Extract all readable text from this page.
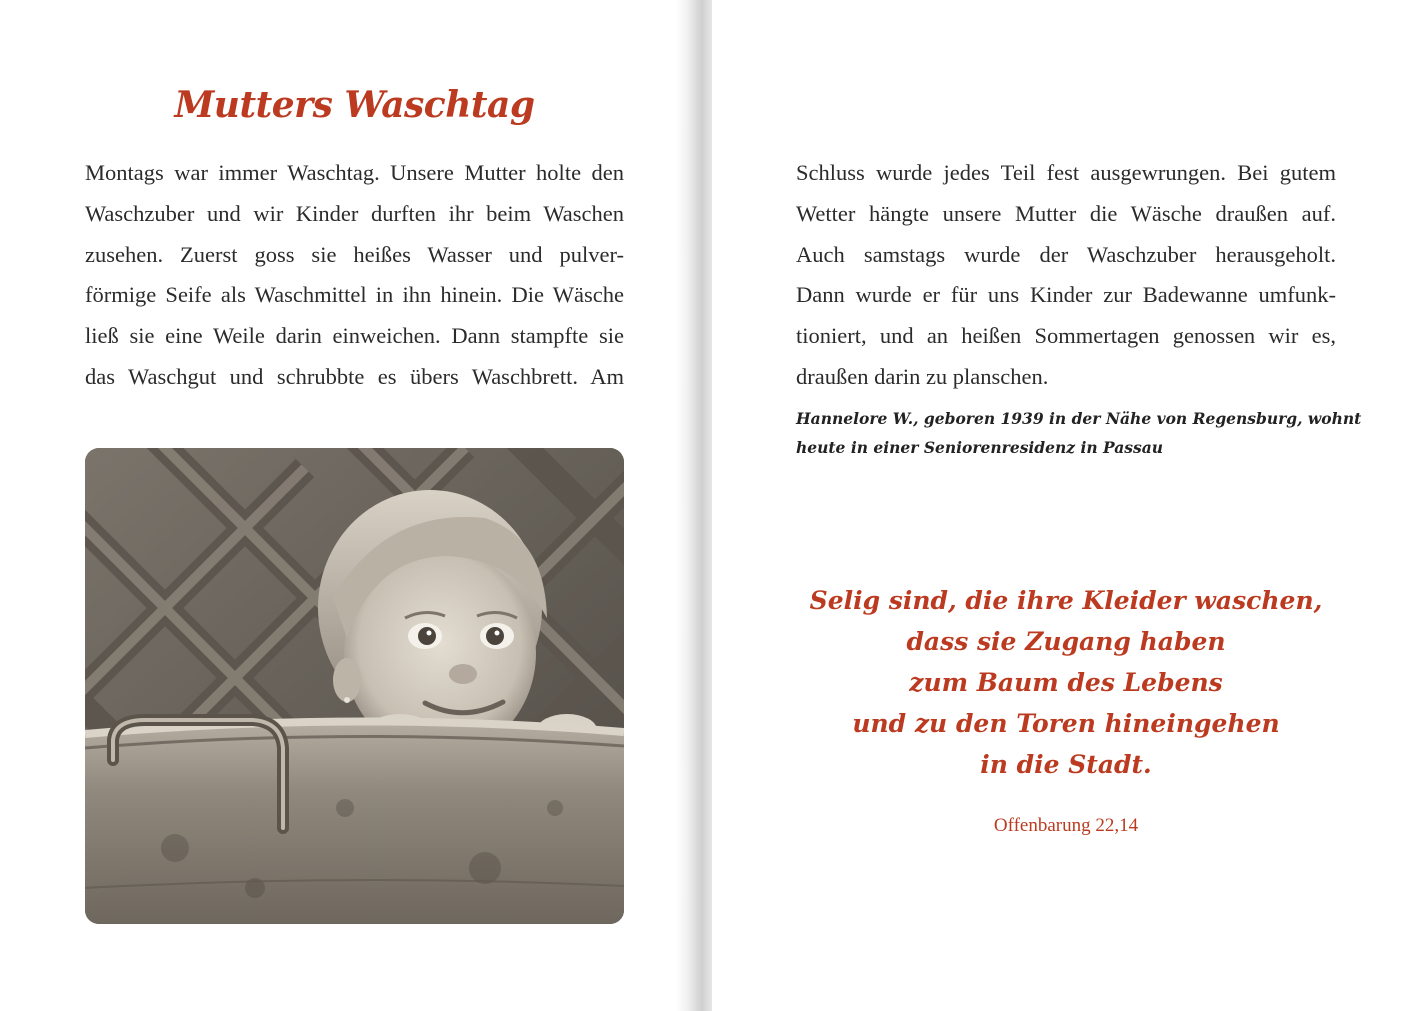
Mutters Waschtag
Montags war immer Waschtag. Unsere Mutter holte den
Waschzuber und wir Kinder durften ihr beim Waschen
zusehen. Zuerst goss sie heißes Wasser und pulver-
förmige Seife als Waschmittel in ihn hinein. Die Wäsche
ließ sie eine Weile darin einweichen. Dann stampfte sie
das Waschgut und schrubbte es übers Waschbrett. Am
Schluss wurde jedes Teil fest ausgewrungen. Bei gutem
Wetter hängte unsere Mutter die Wäsche draußen auf.
Auch samstags wurde der Waschzuber herausgeholt.
Dann wurde er für uns Kinder zur Badewanne umfunk-
tioniert, und an heißen Sommertagen genossen wir es,
draußen darin zu planschen.
Hannelore W., geboren 1939 in der Nähe von Regensburg, wohnt
heute in einer Seniorenresidenz in Passau
Selig sind, die ihre Kleider waschen,
dass sie Zugang haben
zum Baum des Lebens
und zu den Toren hineingehen
in die Stadt.
Offenbarung 22,14
